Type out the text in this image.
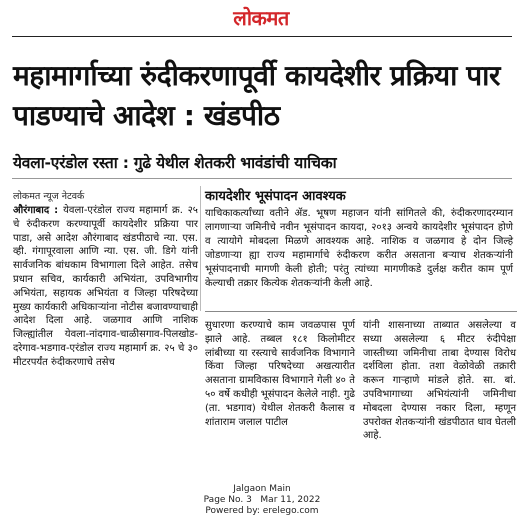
लोकमत
महामार्गाच्या रुंदीकरणापूर्वी कायदेशीर प्रक्रिया पार पाडण्याचे आदेश : खंडपीठ
येवला-एरंडोल रस्ता : गुढे येथील शेतकरी भावंडांची याचिका
लोकमत न्यूज नेटवर्क
औरंगाबाद : येवला-एरंडोल राज्य महामार्ग क्र. २५ चे रुंदीकरण करण्यापूर्वी कायदेशीर प्रक्रिया पार पाडा, असे आदेश औरंगाबाद खंडपीठाचे न्या. एस. व्ही. गंगापूरवाला आणि न्या. एस. जी. डिगे यांनी सार्वजनिक बांधकाम विभागाला दिले आहेत. तसेच प्रधान सचिव, कार्यकारी अभियंता, उपविभागीय अभियंता, सहायक अभियंता व जिल्हा परिषदेच्या मुख्य कार्यकारी अधिकाऱ्यांना नोटीस बजावण्याचाही आदेश दिला आहे. जळगाव आणि नाशिक जिल्ह्यांतील येवला-नांदगाव-चाळीसगाव-पिलखोड-दरेगाव-भडगाव-एरंडोल राज्य महामार्ग क्र. २५ चे ३० मीटरपर्यंत रुंदीकरणाचे तसेच
कायदेशीर भूसंपादन आवश्यक
याचिकाकर्त्यांच्या वतीने ॲड. भूषण महाजन यांनी सांगितले की, रुंदीकरणादरम्यान लागणाऱ्या जमिनीचे नवीन भूसंपादन कायदा, २०१३ अन्वये कायदेशीर भूसंपादन होणे व त्यायोगे मोबदला मिळणे आवश्यक आहे. नाशिक व जळगाव हे दोन जिल्हे जोडणाऱ्या ह्या राज्य महामार्गाचे रुंदीकरण करीत असताना बऱ्याच शेतकऱ्यांनी भूसंपादनाची मागणी केली होती; परंतु त्यांच्या मागणीकडे दुर्लक्ष करीत काम पूर्ण केल्याची तक्रार कित्येक शेतकऱ्यांनी केली आहे.
सुधारणा करण्याचे काम जवळपास पूर्ण झाले आहे. तब्बल १८१ किलोमीटर लांबीच्या या रस्त्याचे सार्वजनिक विभागाने किंवा जिल्हा परिषदेच्या अखत्यारीत असताना ग्रामविकास विभागाने गेली ४० ते ५० वर्षे कधीही भूसंपादन केलेले नाही. गुढे (ता. भडगाव) येथील शेतकरी कैलास व शांताराम जलाल पाटील
यांनी शासनाच्या ताब्यात असलेल्या व सध्या असलेल्या ६ मीटर रुंदीपेक्षा जास्तीच्या जमिनीचा ताबा देण्यास विरोध दर्शविला होता. तशा वेळोवेळी तक्रारी करून गाऱ्हाणे मांडले होते. सा. बां. उपविभागाच्या अभियंत्यांनी जमिनीचा मोबदला देण्यास नकार दिला, म्हणून उपरोक्त शेतकऱ्यांनी खंडपीठात धाव घेतली आहे.
Jalgaon Main
Page No. 3   Mar 11, 2022
Powered by: erelego.com
